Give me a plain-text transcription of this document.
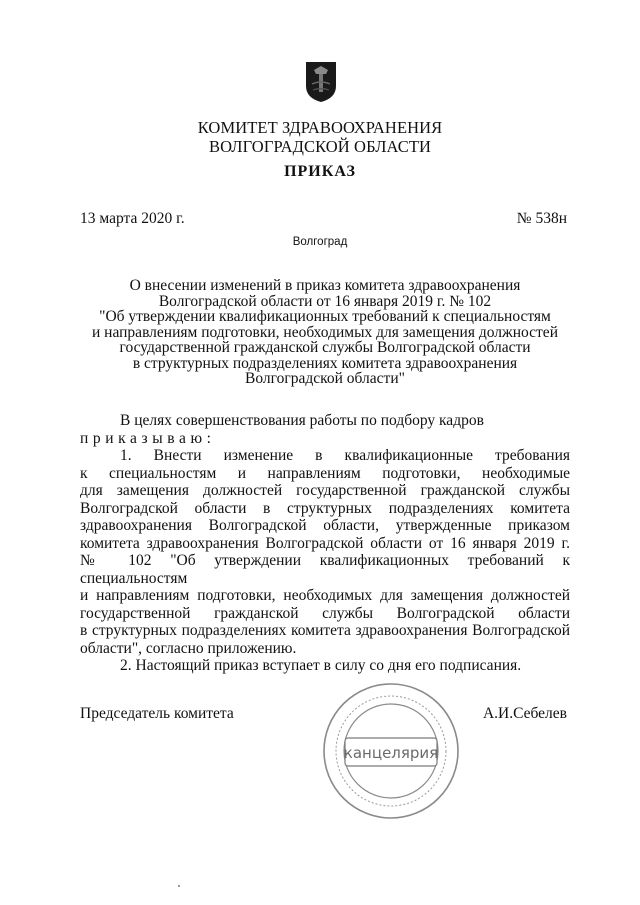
КОМИТЕТ ЗДРАВООХРАНЕНИЯ
ВОЛГОГРАДСКОЙ ОБЛАСТИ
ПРИКАЗ
13 марта 2020 г.	№ 538н
Волгоград
О внесении изменений в приказ комитета здравоохранения
Волгоградской области от 16 января 2019 г. № 102
"Об утверждении квалификационных требований к специальностям
и направлениям подготовки, необходимых для замещения должностей
государственной гражданской службы Волгоградской области
в структурных подразделениях комитета здравоохранения
Волгоградской области"
В целях совершенствования работы по подбору кадров
приказываю:
1. Внести изменение в квалификационные требования
к специальностям и направлениям подготовки, необходимые
для замещения должностей государственной гражданской службы
Волгоградской области в структурных подразделениях комитета
здравоохранения Волгоградской области, утвержденные приказом
комитета здравоохранения Волгоградской области от 16 января 2019 г.
№ 102 "Об утверждении квалификационных требований к специальностям
и направлениям подготовки, необходимых для замещения должностей
государственной гражданской службы Волгоградской области
в структурных подразделениях комитета здравоохранения Волгоградской
области", согласно приложению.
2. Настоящий приказ вступает в силу со дня его подписания.
Председатель комитета	А.И.Себелев
канцелярия
